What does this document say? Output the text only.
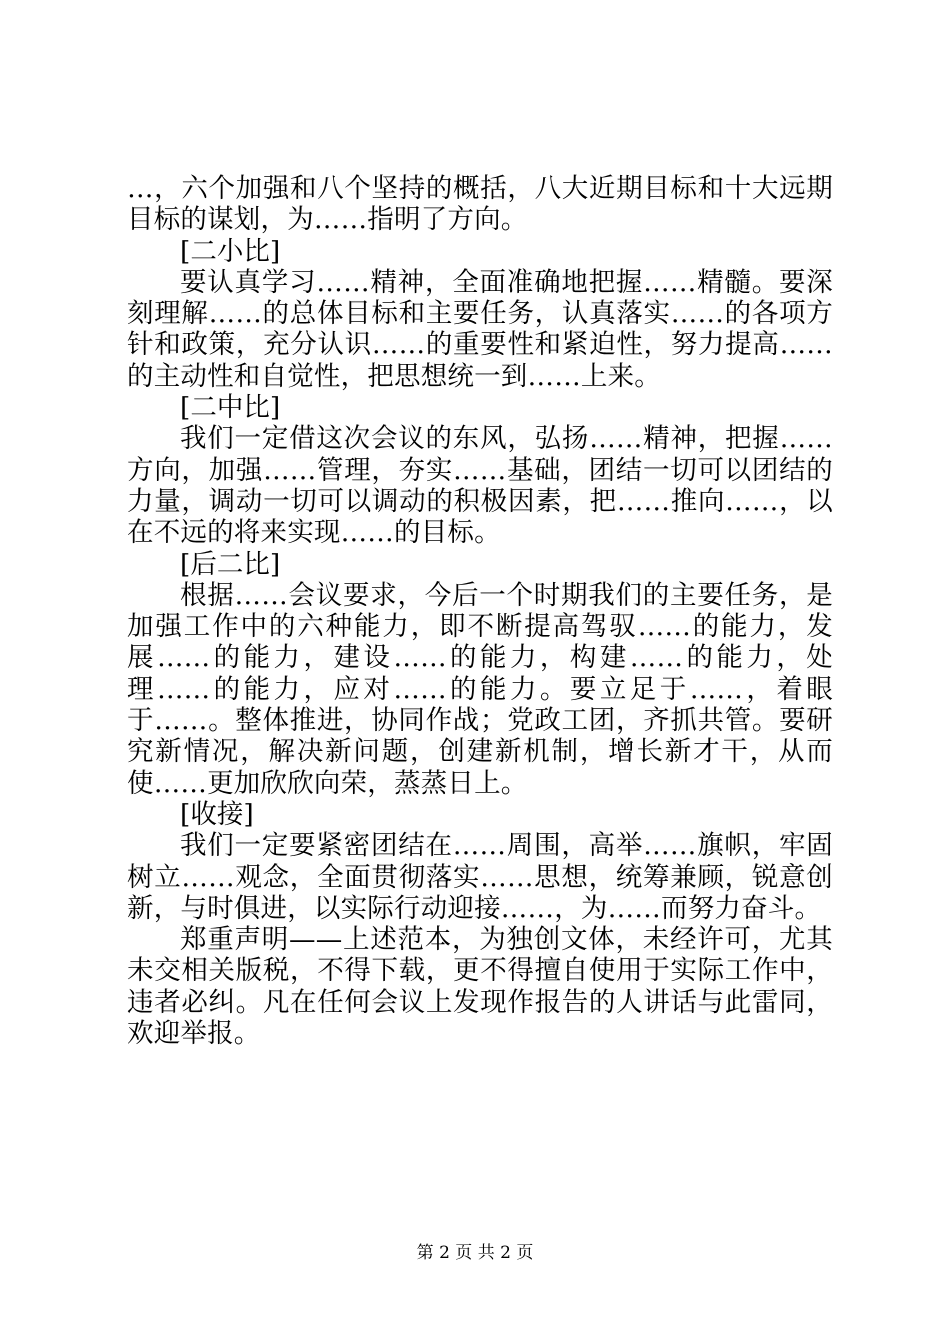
…，六个加强和八个坚持的概括，八大近期目标和十大远期目标的谋划，为……指明了方向。

[二小比]

要认真学习……精神，全面准确地把握……精髓。要深刻理解……的总体目标和主要任务，认真落实……的各项方针和政策，充分认识……的重要性和紧迫性，努力提高……的主动性和自觉性，把思想统一到……上来。

[二中比]

我们一定借这次会议的东风，弘扬……精神，把握……方向，加强……管理，夯实……基础，团结一切可以团结的力量，调动一切可以调动的积极因素，把……推向……，以在不远的将来实现……的目标。

[后二比]

根据……会议要求，今后一个时期我们的主要任务，是加强工作中的六种能力，即不断提高驾驭……的能力，发展……的能力，建设……的能力，构建……的能力，处理……的能力，应对……的能力。要立足于……，着眼于……。整体推进，协同作战；党政工团，齐抓共管。要研究新情况，解决新问题，创建新机制，增长新才干，从而使……更加欣欣向荣，蒸蒸日上。

[收接]

我们一定要紧密团结在……周围，高举……旗帜，牢固树立……观念，全面贯彻落实……思想，统筹兼顾，锐意创新，与时俱进，以实际行动迎接……，为……而努力奋斗。

郑重声明——上述范本，为独创文体，未经许可，尤其未交相关版税，不得下载，更不得擅自使用于实际工作中，违者必纠。凡在任何会议上发现作报告的人讲话与此雷同，欢迎举报。

第 2 页 共 2 页
